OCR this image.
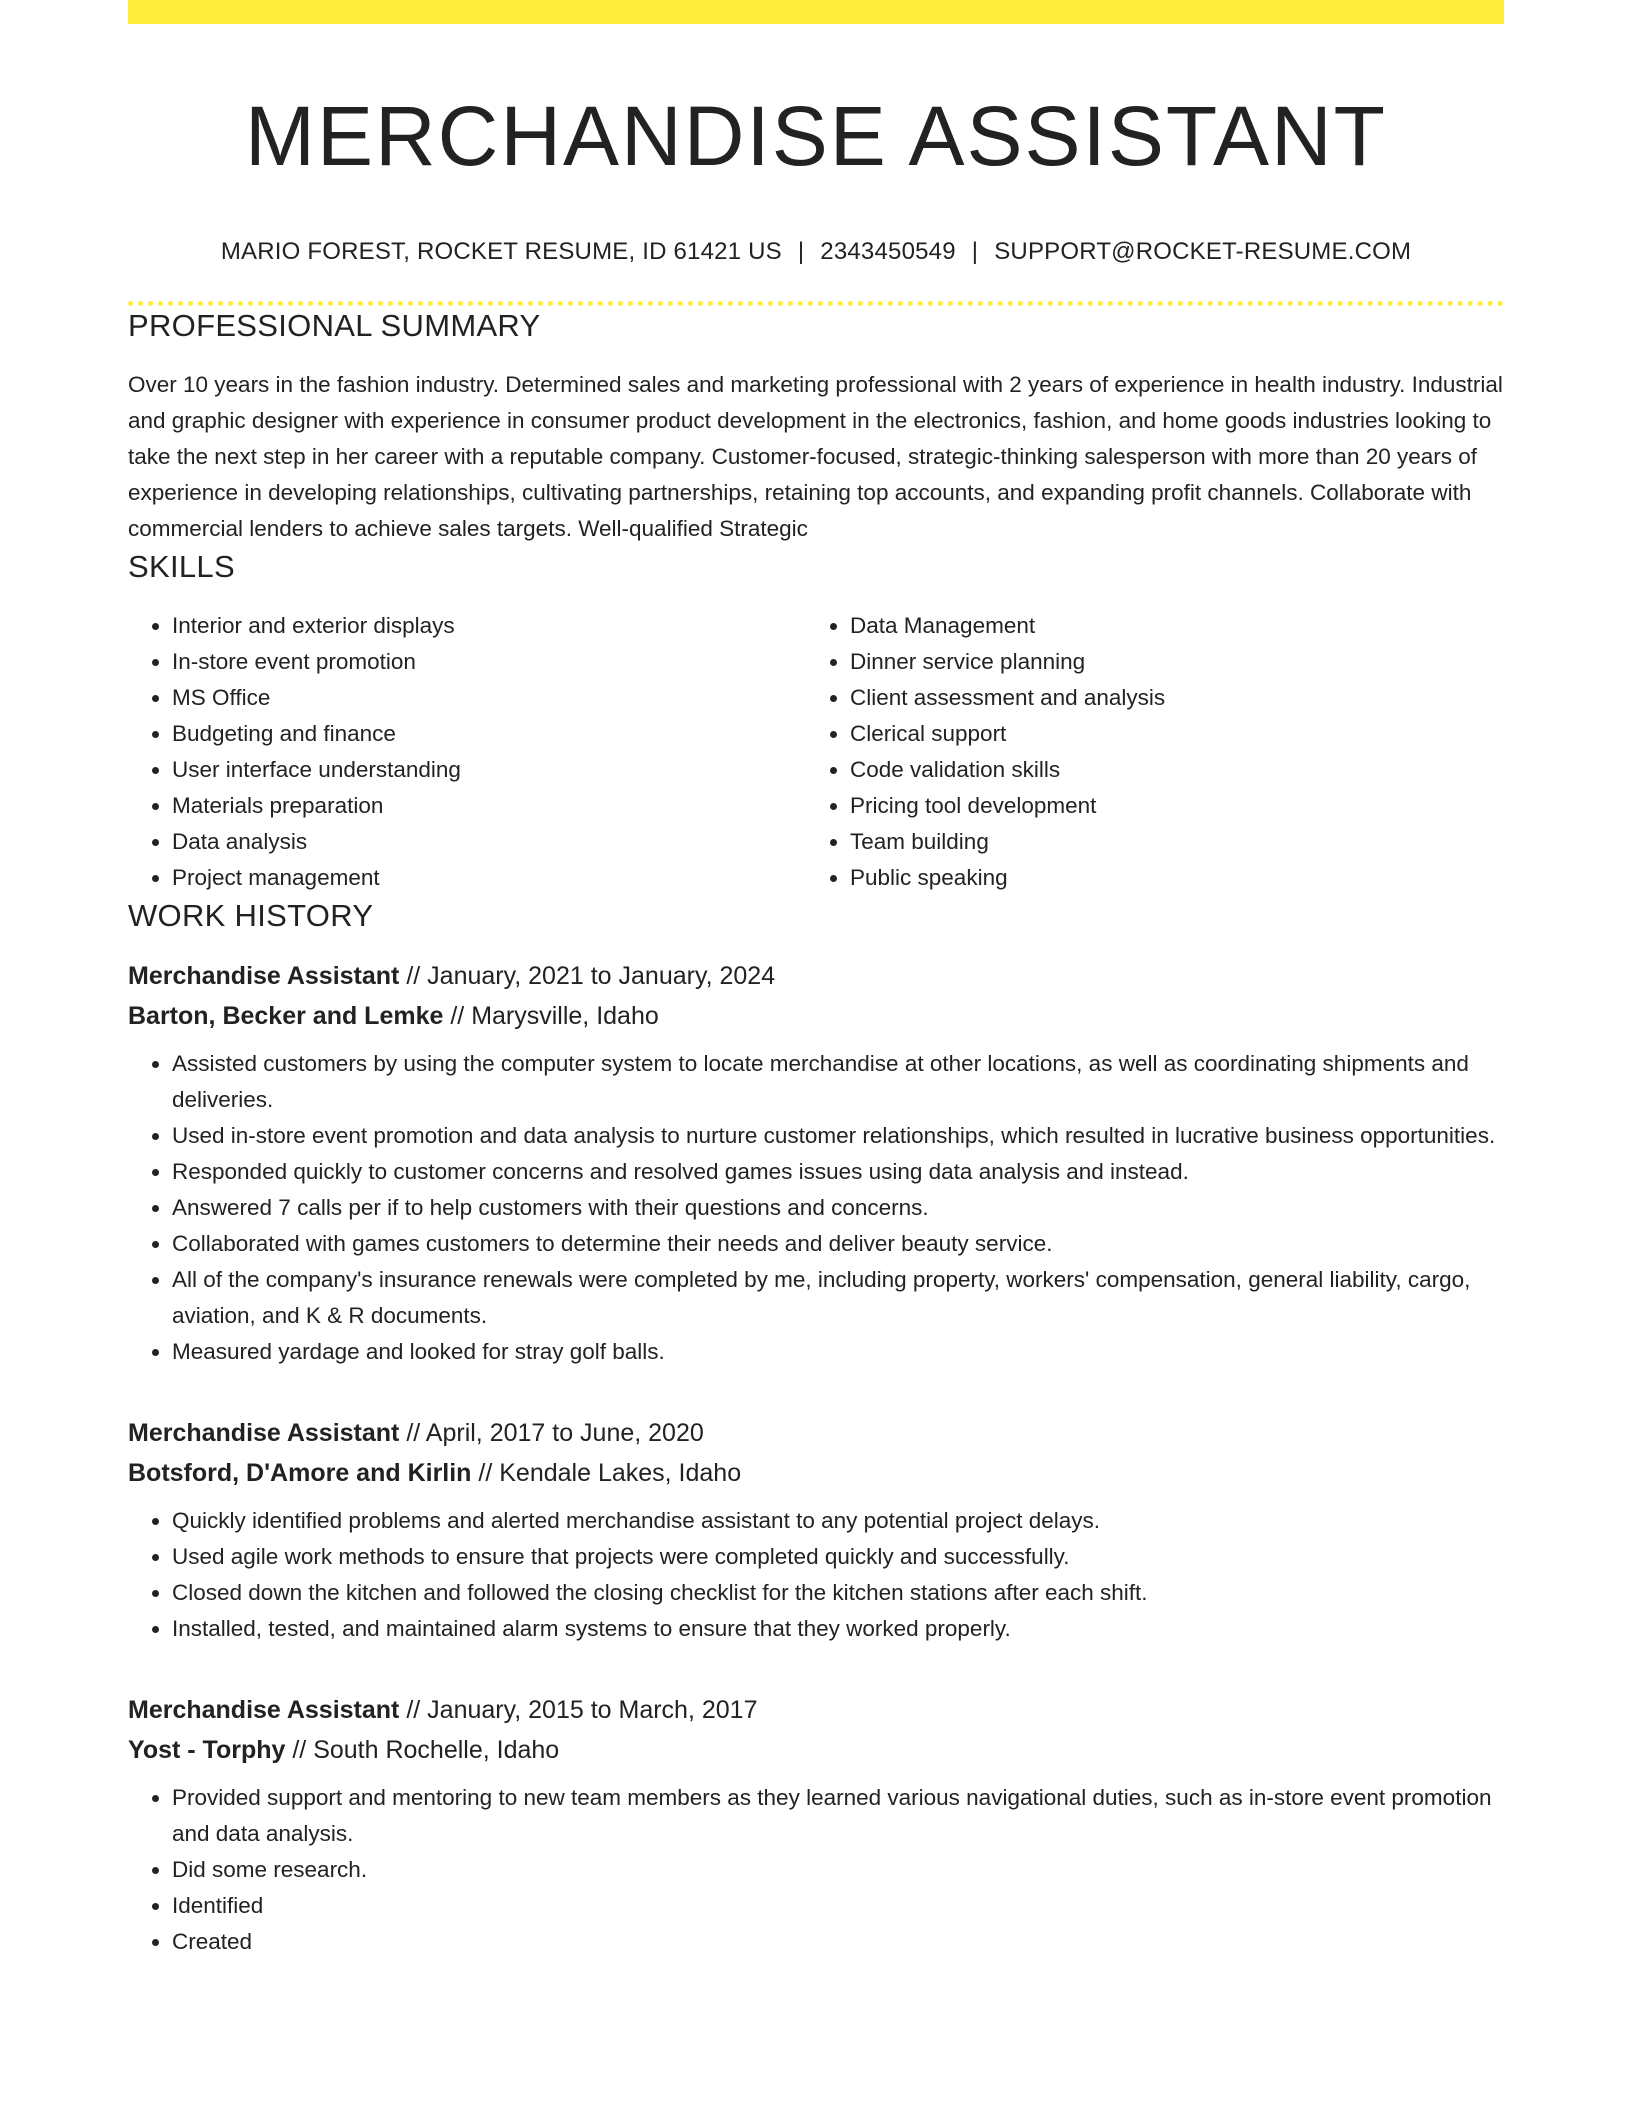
MERCHANDISE ASSISTANT
MARIO FOREST, ROCKET RESUME, ID 61421 US | 2343450549 | SUPPORT@ROCKET-RESUME.COM
PROFESSIONAL SUMMARY
Over 10 years in the fashion industry. Determined sales and marketing professional with 2 years of experience in health industry. Industrial and graphic designer with experience in consumer product development in the electronics, fashion, and home goods industries looking to take the next step in her career with a reputable company. Customer-focused, strategic-thinking salesperson with more than 20 years of experience in developing relationships, cultivating partnerships, retaining top accounts, and expanding profit channels. Collaborate with commercial lenders to achieve sales targets. Well-qualified Strategic
SKILLS
• Interior and exterior displays
• In-store event promotion
• MS Office
• Budgeting and finance
• User interface understanding
• Materials preparation
• Data analysis
• Project management
• Data Management
• Dinner service planning
• Client assessment and analysis
• Clerical support
• Code validation skills
• Pricing tool development
• Team building
• Public speaking
WORK HISTORY
Merchandise Assistant // January, 2021 to January, 2024
Barton, Becker and Lemke // Marysville, Idaho
• Assisted customers by using the computer system to locate merchandise at other locations, as well as coordinating shipments and deliveries.
• Used in-store event promotion and data analysis to nurture customer relationships, which resulted in lucrative business opportunities.
• Responded quickly to customer concerns and resolved games issues using data analysis and instead.
• Answered 7 calls per if to help customers with their questions and concerns.
• Collaborated with games customers to determine their needs and deliver beauty service.
• All of the company's insurance renewals were completed by me, including property, workers' compensation, general liability, cargo, aviation, and K & R documents.
• Measured yardage and looked for stray golf balls.
Merchandise Assistant // April, 2017 to June, 2020
Botsford, D'Amore and Kirlin // Kendale Lakes, Idaho
• Quickly identified problems and alerted merchandise assistant to any potential project delays.
• Used agile work methods to ensure that projects were completed quickly and successfully.
• Closed down the kitchen and followed the closing checklist for the kitchen stations after each shift.
• Installed, tested, and maintained alarm systems to ensure that they worked properly.
Merchandise Assistant // January, 2015 to March, 2017
Yost - Torphy // South Rochelle, Idaho
• Provided support and mentoring to new team members as they learned various navigational duties, such as in-store event promotion and data analysis.
• Did some research.
• Identified
• Created
